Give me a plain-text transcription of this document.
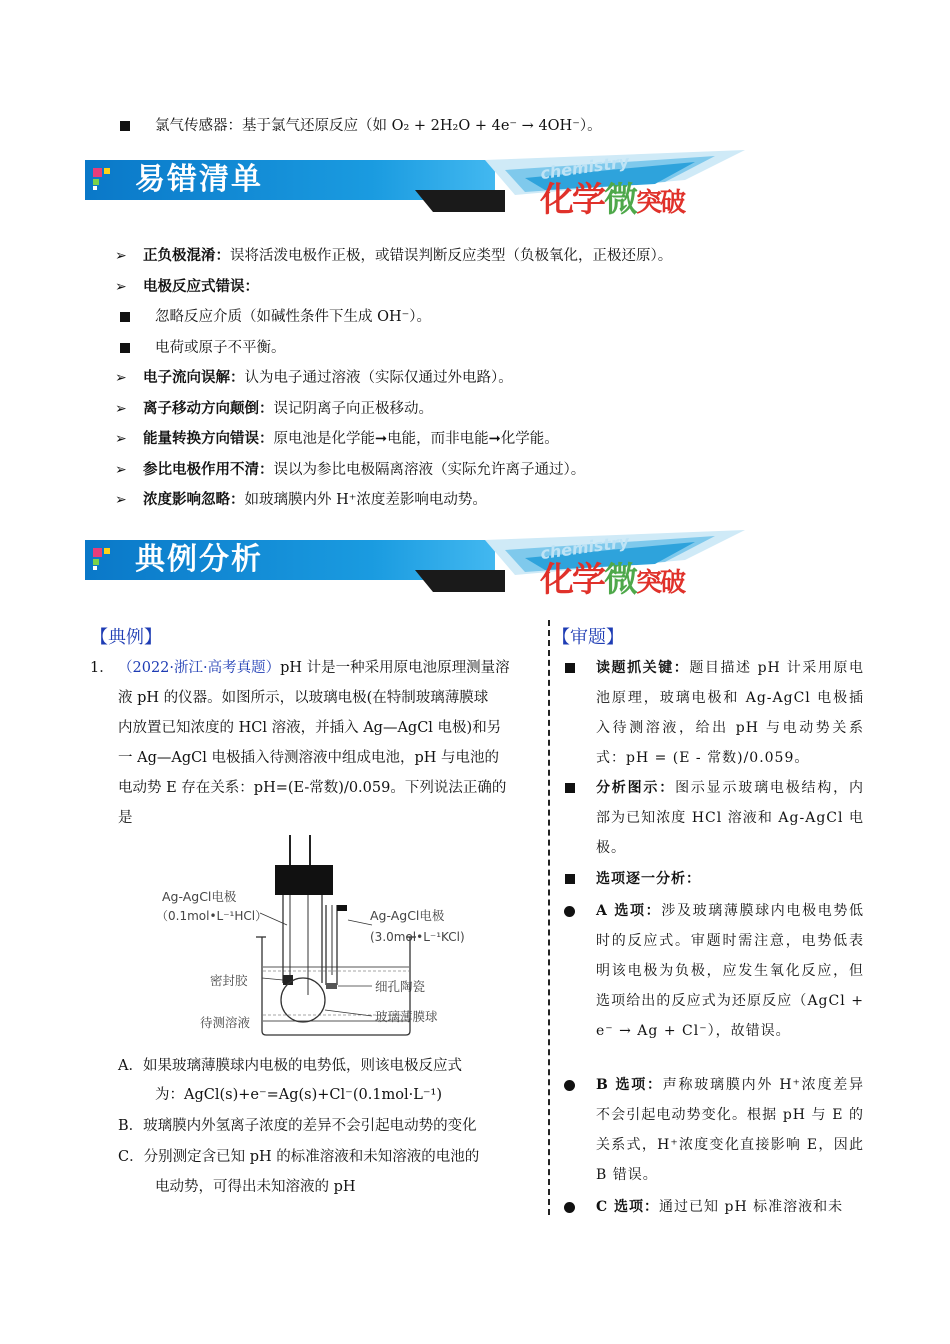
氯气传感器：基于氯气还原反应（如 O₂ + 2H₂O + 4e⁻ → 4OH⁻）。
易错清单	chemistry
化学微突破
➢ 正负极混淆：误将活泼电极作正极，或错误判断反应类型（负极氧化，正极还原）。
➢ 电极反应式错误：
忽略反应介质（如碱性条件下生成 OH⁻）。
电荷或原子不平衡。
➢ 电子流向误解：认为电子通过溶液（实际仅通过外电路）。
➢ 离子移动方向颠倒：误记阴离子向正极移动。
➢ 能量转换方向错误：原电池是化学能➞电能，而非电能➞化学能。
➢ 参比电极作用不清：误以为参比电极隔离溶液（实际允许离子通过）。
➢ 浓度影响忽略：如玻璃膜内外 H⁺浓度差影响电动势。
典例分析	chemistry
化学微突破
【典例】	【审题】
1． （2022·浙江·高考真题）pH 计是一种采用原电池原理测量溶
液 pH 的仪器。如图所示，以玻璃电极(在特制玻璃薄膜球
内放置已知浓度的 HCl 溶液，并插入 Ag—AgCl 电极)和另
一 Ag—AgCl 电极插入待测溶液中组成电池，pH 与电池的
电动势 E 存在关系：pH=(E-常数)/0.059。下列说法正确的
是
Ag-AgCl电极
（0.1mol•L⁻¹HCl）	Ag-AgCl电极
(3.0mol•L⁻¹KCl)
密封胶
待测溶液
细孔陶瓷
玻璃薄膜球
A．如果玻璃薄膜球内电极的电势低，则该电极反应式
为：AgCl(s)+e⁻=Ag(s)+Cl⁻(0.1mol·L⁻¹)
B．玻璃膜内外氢离子浓度的差异不会引起电动势的变化
C．分别测定含已知 pH 的标准溶液和未知溶液的电池的
电动势，可得出未知溶液的 pH
读题抓关键：题目描述 pH 计采用原电池原理，玻璃电极和 Ag-AgCl 电极插入待测溶液，给出 pH 与电动势关系式：pH = (E - 常数)/0.059。
分析图示：图示显示玻璃电极结构，内部为已知浓度 HCl 溶液和 Ag-AgCl 电极。
选项逐一分析：
A 选项：涉及玻璃薄膜球内电极电势低时的反应式。审题时需注意，电势低表明该电极为负极，应发生氧化反应，但选项给出的反应式为还原反应（AgCl + e⁻ → Ag + Cl⁻），故错误。
B 选项：声称玻璃膜内外 H⁺浓度差异不会引起电动势变化。根据 pH 与 E 的关系式，H⁺浓度变化直接影响 E，因此 B 错误。
C 选项：通过已知 pH 标准溶液和未
